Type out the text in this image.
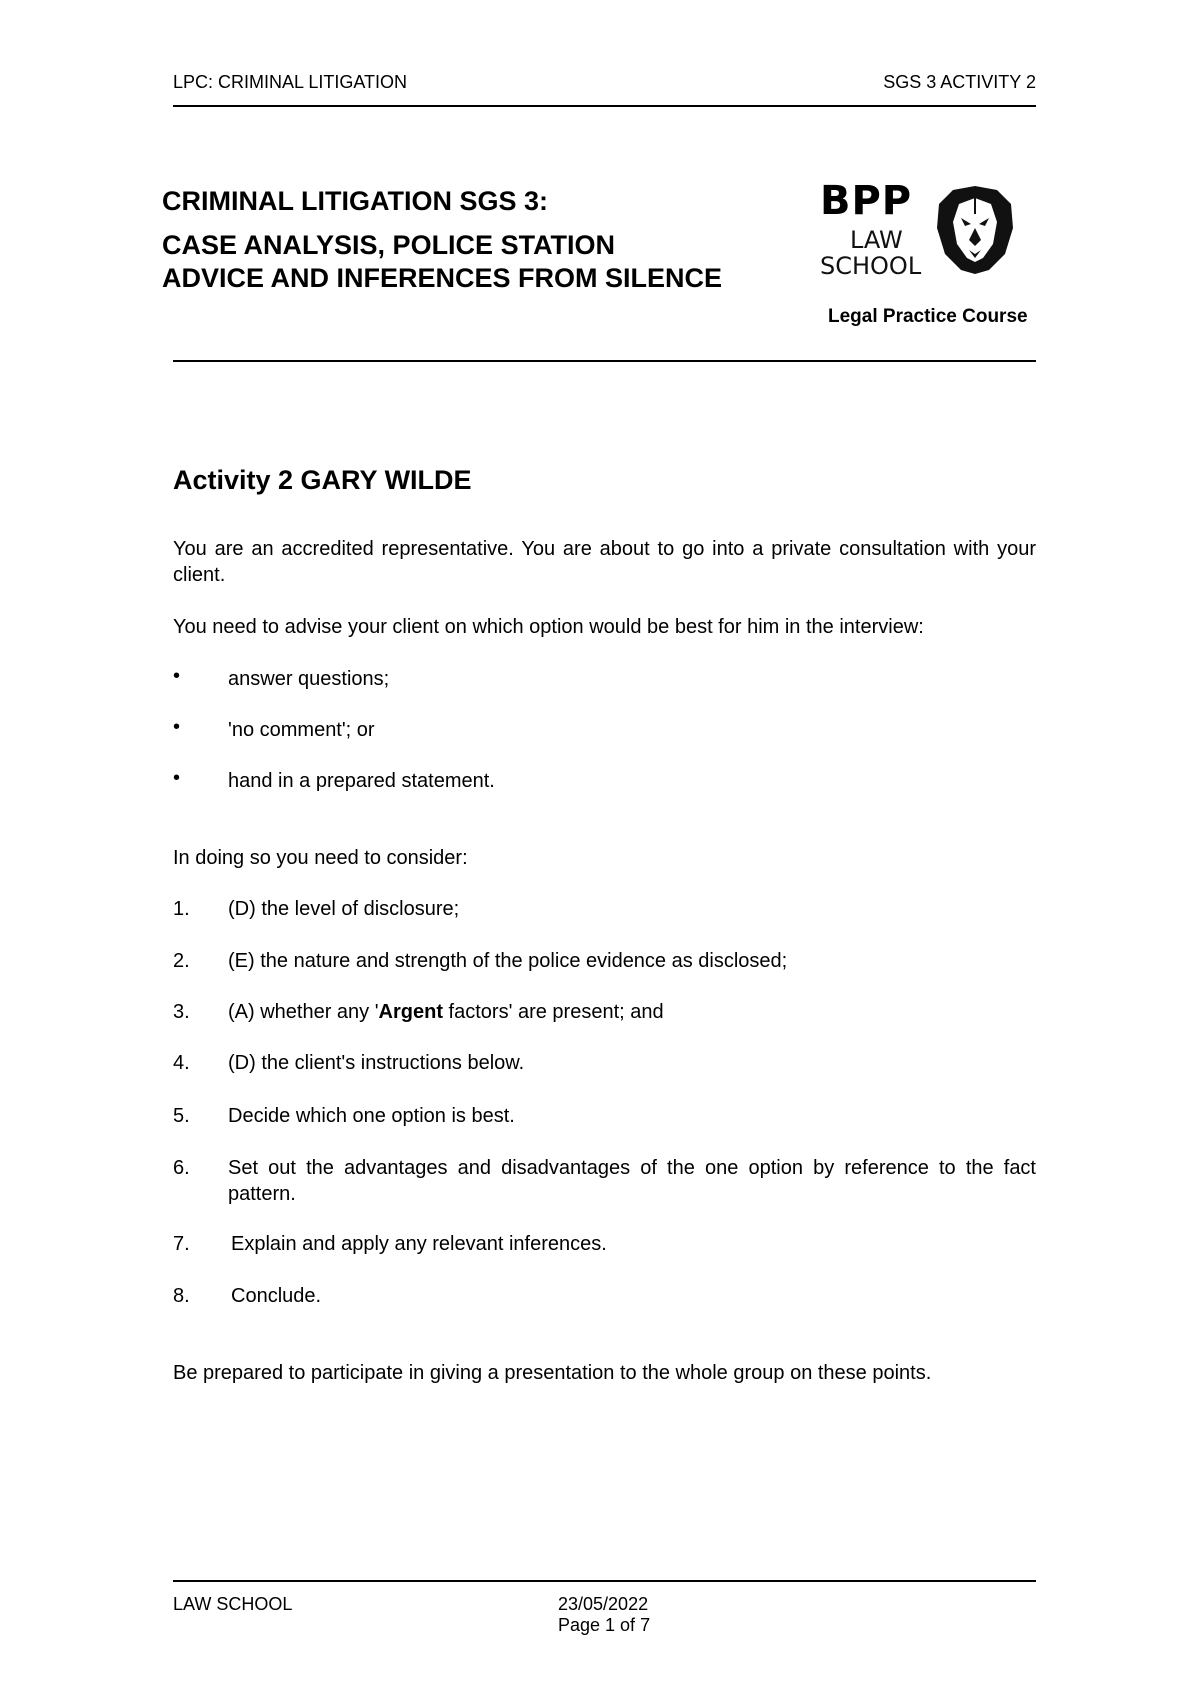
LPC: CRIMINAL LITIGATION	SGS 3 ACTIVITY 2
CRIMINAL LITIGATION SGS 3:
CASE ANALYSIS, POLICE STATION
ADVICE AND INFERENCES FROM SILENCE
BPP
LAW
SCHOOL
Legal Practice Course
Activity 2 GARY WILDE
You are an accredited representative. You are about to go into a private consultation with your client.
You need to advise your client on which option would be best for him in the interview:
• answer questions;
• 'no comment'; or
• hand in a prepared statement.
In doing so you need to consider:
1. (D) the level of disclosure;
2. (E) the nature and strength of the police evidence as disclosed;
3. (A) whether any 'Argent factors' are present; and
4. (D) the client's instructions below.
5. Decide which one option is best.
6. Set out the advantages and disadvantages of the one option by reference to the fact pattern.
7. Explain and apply any relevant inferences.
8. Conclude.
Be prepared to participate in giving a presentation to the whole group on these points.
LAW SCHOOL	23/05/2022
Page 1 of 7
